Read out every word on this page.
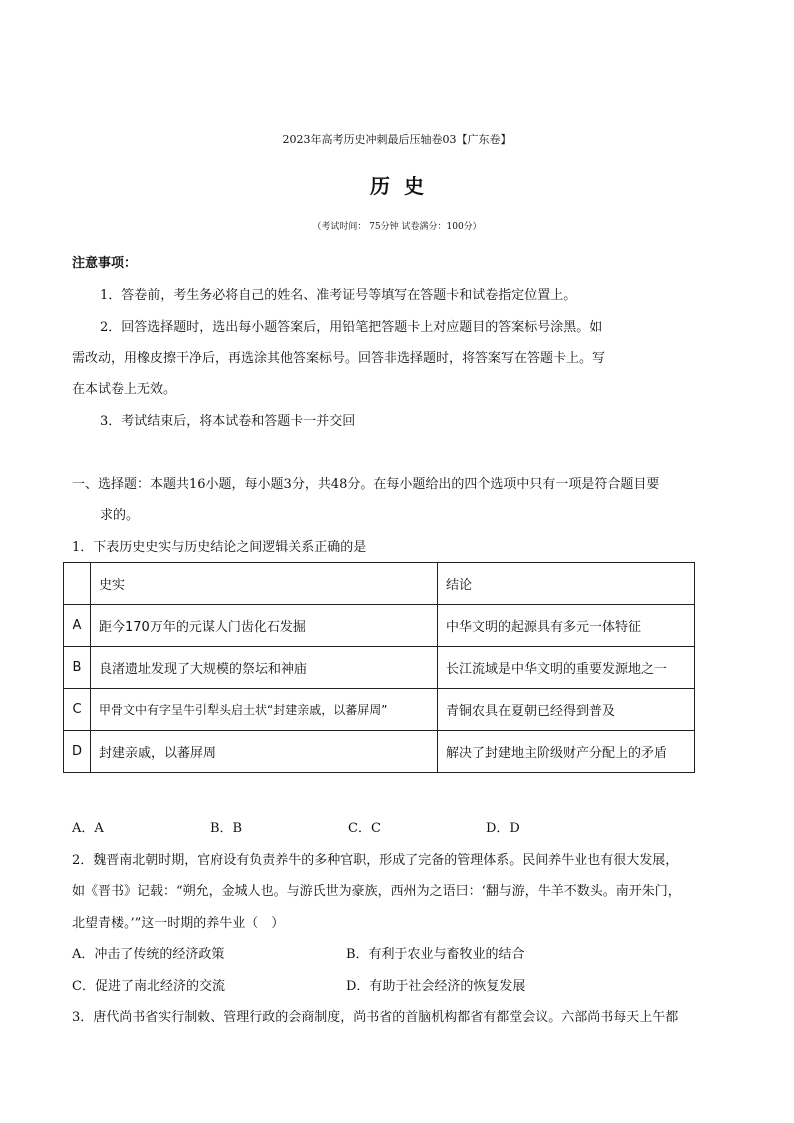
2023年高考历史冲刺最后压轴卷03【广东卷】
历史
（考试时间： 75分钟 试卷满分：100分）
注意事项：
1．答卷前，考生务必将自己的姓名、准考证号等填写在答题卡和试卷指定位置上。
2．回答选择题时，选出每小题答案后，用铅笔把答题卡上对应题目的答案标号涂黑。如
需改动，用橡皮擦干净后，再选涂其他答案标号。回答非选择题时，将答案写在答题卡上。写
在本试卷上无效。
3．考试结束后，将本试卷和答题卡一并交回
一、选择题：本题共16小题，每小题3分，共48分。在每小题给出的四个选项中只有一项是符合题目要
求的。
1．下表历史史实与历史结论之间逻辑关系正确的是
	史实	结论
A	距今170万年的元谋人门齿化石发掘	中华文明的起源具有多元一体特征
B	良渚遗址发现了大规模的祭坛和神庙	长江流域是中华文明的重要发源地之一
C	甲骨文中有字呈牛引犁头启土状“封建亲戚，以蕃屏周”	青铜农具在夏朝已经得到普及
D	封建亲戚，以蕃屏周	解决了封建地主阶级财产分配上的矛盾
A．A	B．B	C．C	D．D
2．魏晋南北朝时期，官府设有负责养牛的多种官职，形成了完备的管理体系。民间养牛业也有很大发展，
如《晋书》记载：“朔允，金城人也。与游氏世为豪族，西州为之语曰：‘翻与游，牛羊不数头。南开朱门，
北望青楼。’”这一时期的养牛业（　）
A．冲击了传统的经济政策	B．有利于农业与畜牧业的结合
C．促进了南北经济的交流	D．有助于社会经济的恢复发展
3．唐代尚书省实行制敕、管理行政的会商制度，尚书省的首脑机构都省有都堂会议。六部尚书每天上午都
